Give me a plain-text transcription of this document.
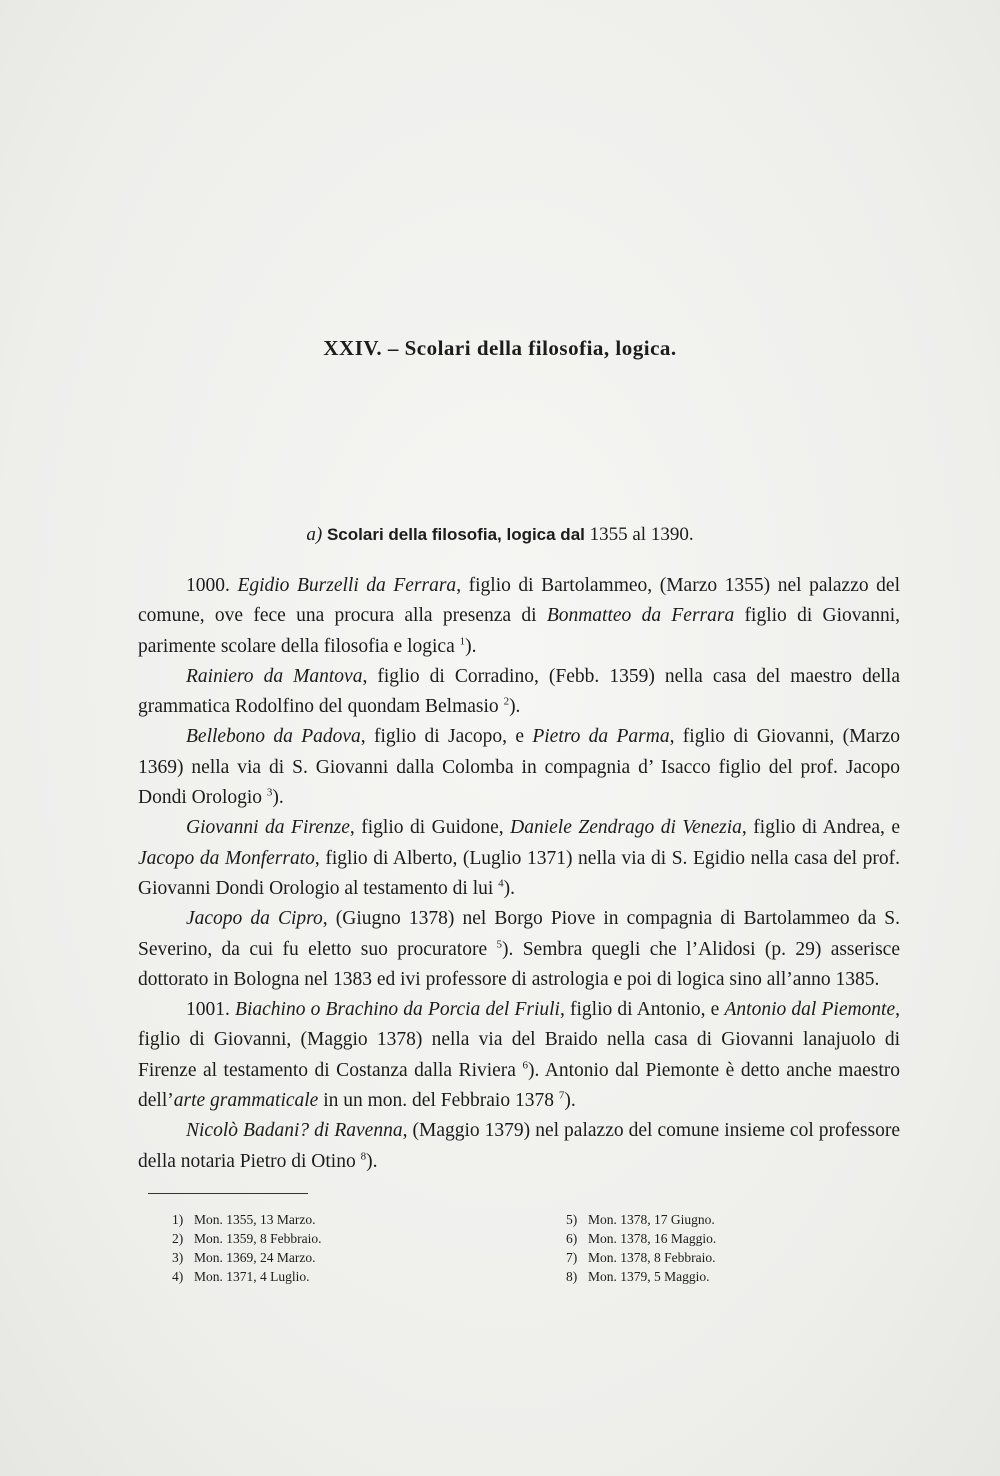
XXIV. – Scolari della filosofia, logica.
a) Scolari della filosofia, logica dal 1355 al 1390.

1000. Egidio Burzelli da Ferrara, figlio di Bartolammeo, (Marzo 1355) nel palazzo del comune, ove fece una procura alla presenza di Bonmatteo da Ferrara figlio di Giovanni, parimente scolare della filosofia e logica $^1$).

Rainiero da Mantova, figlio di Corradino, (Febb. 1359) nella casa del maestro della grammatica Rodolfino del quondam Belmasio $^2$).

Bellebono da Padova, figlio di Jacopo, e Pietro da Parma, figlio di Giovanni, (Marzo 1369) nella via di S. Giovanni dalla Colomba in compagnia d’ Isacco figlio del prof. Jacopo Dondi Orologio $^3$).

Giovanni da Firenze, figlio di Guidone, Daniele Zendrago di Venezia, figlio di Andrea, e Jacopo da Monferrato, figlio di Alberto, (Luglio 1371) nella via di S. Egidio nella casa del prof. Giovanni Dondi Orologio al testamento di lui $^4$).

Jacopo da Cipro, (Giugno 1378) nel Borgo Piove in compagnia di Bartolammeo da S. Severino, da cui fu eletto suo procuratore $^5$). Sembra quegli che l’Alidosi (p. 29) asserisce dottorato in Bologna nel 1383 ed ivi professore di astrologia e poi di logica sino all’anno 1385.

1001. Biachino o Brachino da Porcia del Friuli, figlio di Antonio, e Antonio dal Piemonte, figlio di Giovanni, (Maggio 1378) nella via del Braido nella casa di Giovanni lanajuolo di Firenze al testamento di Costanza dalla Riviera $^6$). Antonio dal Piemonte è detto anche maestro dell’arte grammaticale in un mon. del Febbraio 1378 $^7$).

Nicolò Badani? di Ravenna, (Maggio 1379) nel palazzo del comune insieme col professore della notaria Pietro di Otino $^8$).

1) Mon. 1355, 13 Marzo.
2) Mon. 1359, 8 Febbraio.
3) Mon. 1369, 24 Marzo.
4) Mon. 1371, 4 Luglio.
5) Mon. 1378, 17 Giugno.
6) Mon. 1378, 16 Maggio.
7) Mon. 1378, 8 Febbraio.
8) Mon. 1379, 5 Maggio.
